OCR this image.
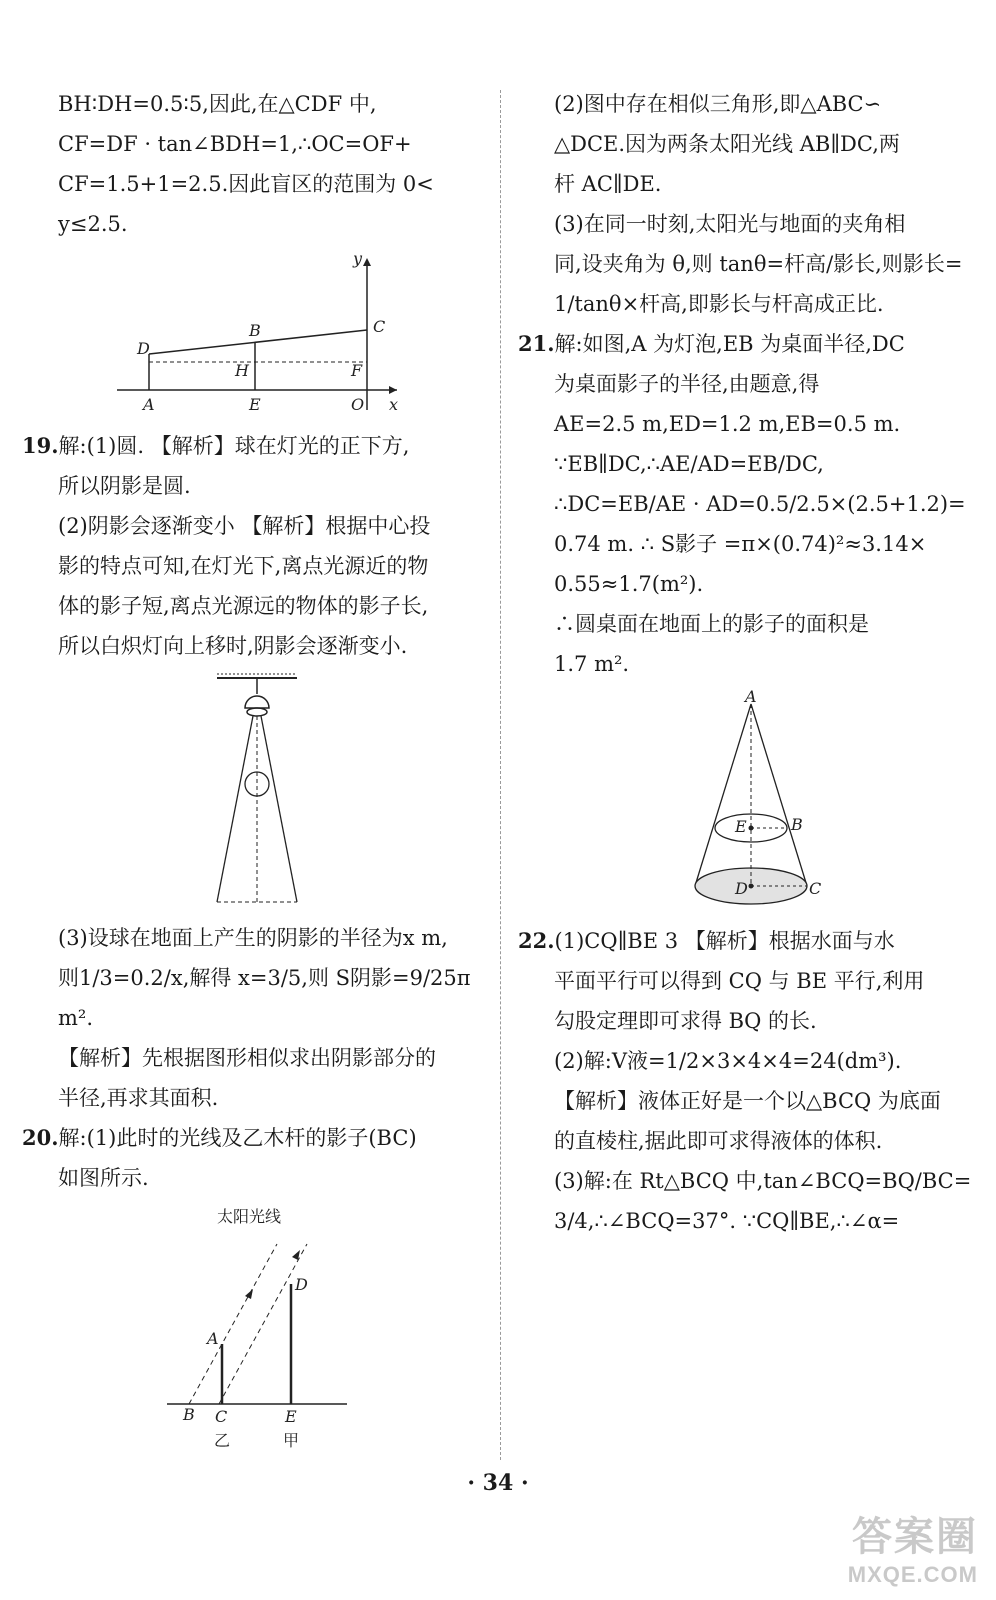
BH∶DH=0.5∶5,因此,在△CDF 中,

CF=DF · tan∠BDH=1,∴OC=OF+

CF=1.5+1=2.5.因此盲区的范围为 0<

y≤2.5.

y
B	C
D
H	F
A	E	O x

19.解:(1)圆. 【解析】球在灯光的正下方,

所以阴影是圆.

(2)阴影会逐渐变小 【解析】根据中心投

影的特点可知,在灯光下,离点光源近的物

体的影子短,离点光源远的物体的影子长,

所以白炽灯向上移时,阴影会逐渐变小.

(3)设球在地面上产生的阴影的半径为x m,

则1/3=0.2/x,解得 x=3/5,则 S阴影=9/25π m².

【解析】先根据图形相似求出阴影部分的

半径,再求其面积.

20.解:(1)此时的光线及乙木杆的影子(BC)

如图所示.

太阳光线
D
A
B C	E
乙	甲

(2)图中存在相似三角形,即△ABC∽

△DCE.因为两条太阳光线 AB∥DC,两

杆 AC∥DE.

(3)在同一时刻,太阳光与地面的夹角相

同,设夹角为 θ,则 tanθ=杆高/影长,则影长=

1/tanθ×杆高,即影长与杆高成正比.

21.解:如图,A 为灯泡,EB 为桌面半径,DC

为桌面影子的半径,由题意,得

AE=2.5 m,ED=1.2 m,EB=0.5 m.

∵EB∥DC,∴AE/AD=EB/DC,

∴DC=EB/AE · AD=0.5/2.5×(2.5+1.2)=

0.74 m. ∴ S影子 =π×(0.74)²≈3.14×

0.55≈1.7(m²).

∴圆桌面在地面上的影子的面积是

1.7 m².

A
E	B
D	C

22.(1)CQ∥BE 3 【解析】根据水面与水

平面平行可以得到 CQ 与 BE 平行,利用

勾股定理即可求得 BQ 的长.

(2)解:V液=1/2×3×4×4=24(dm³).

【解析】液体正好是一个以△BCQ 为底面

的直棱柱,据此即可求得液体的体积.

(3)解:在 Rt△BCQ 中,tan∠BCQ=BQ/BC=

3/4,∴∠BCQ=37°. ∵CQ∥BE,∴∠α=

· 34 ·
答案圈
MXQE.COM
